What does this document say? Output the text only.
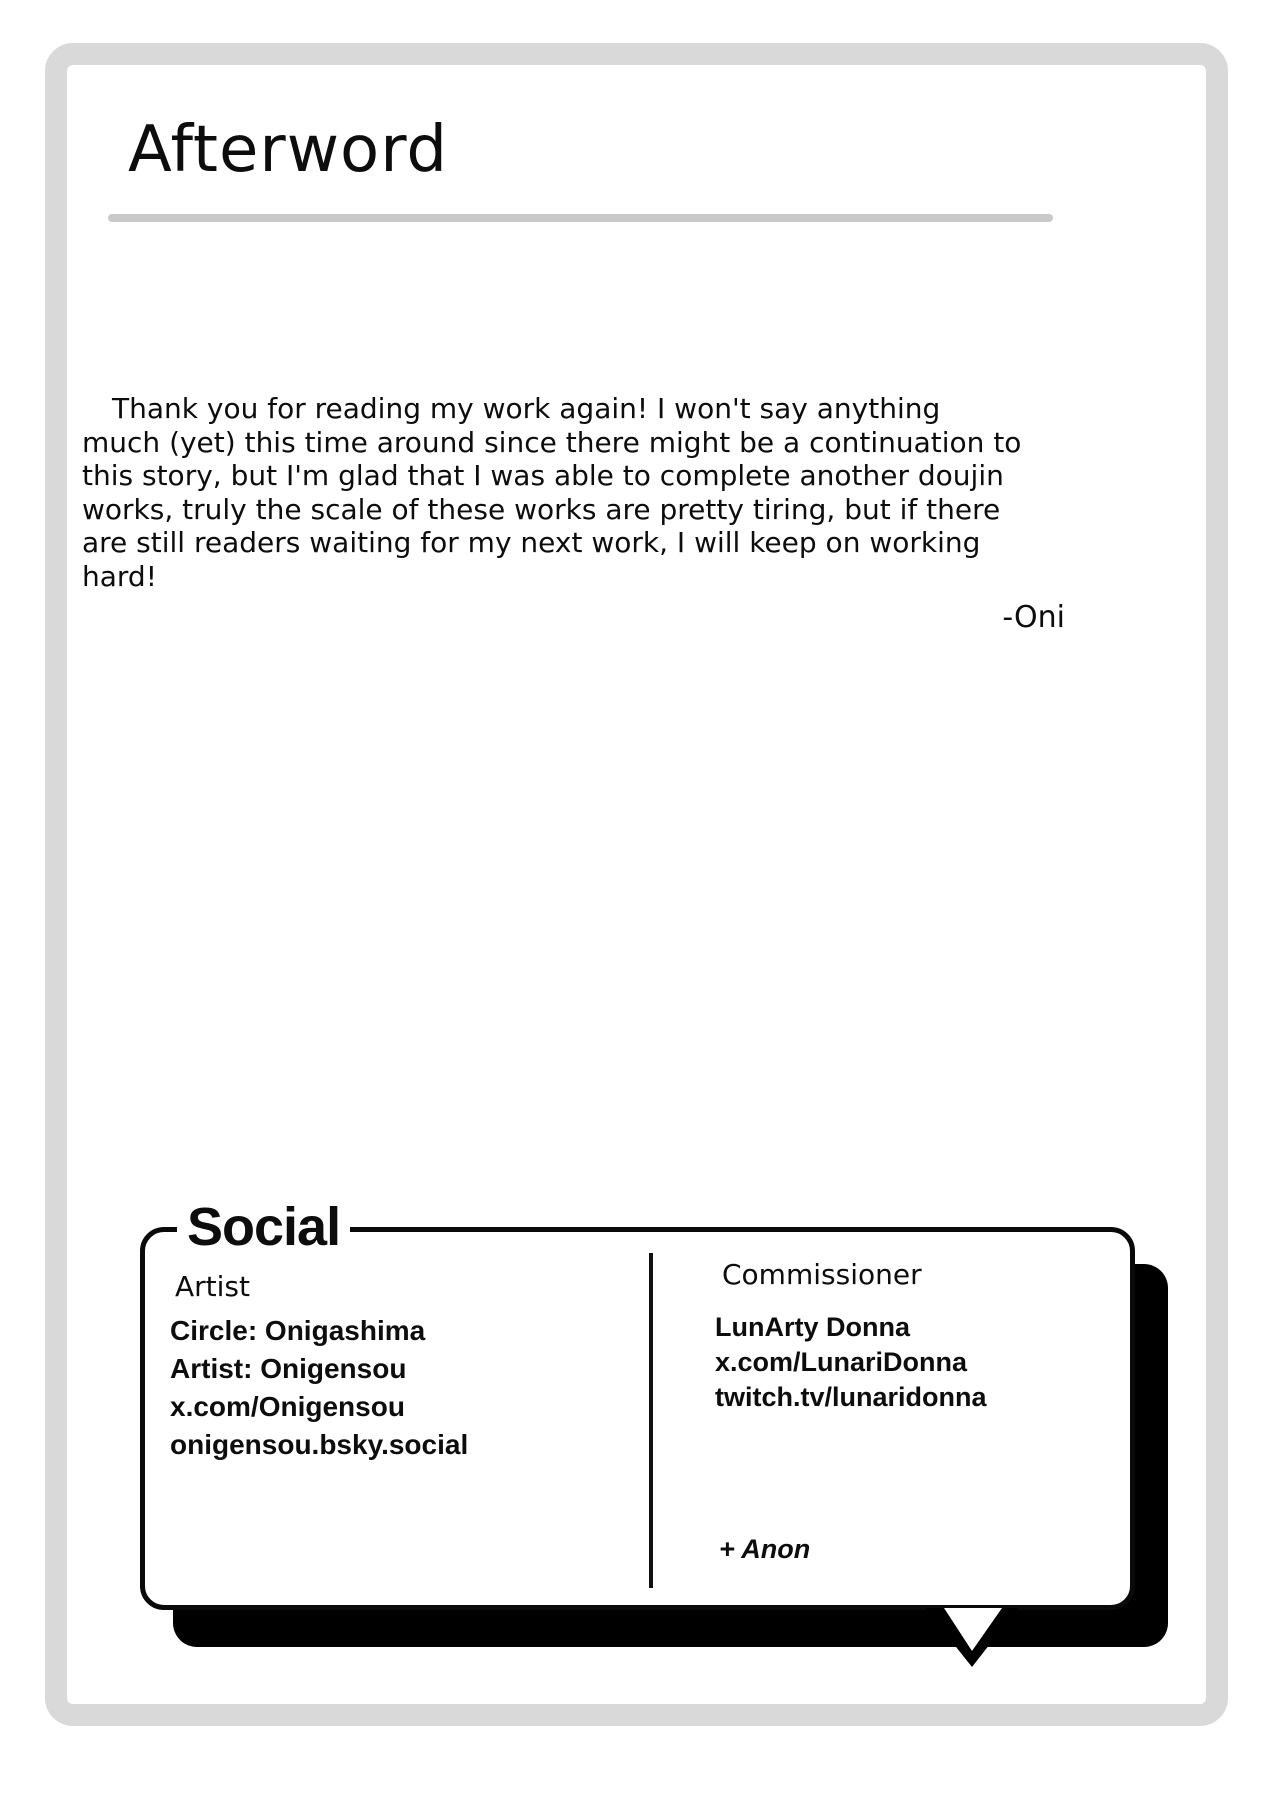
Afterword
Thank you for reading my work again! I won't say anything
much (yet) this time around since there might be a continuation to
this story, but I'm glad that I was able to complete another doujin
works, truly the scale of these works are pretty tiring, but if there
are still readers waiting for my next work, I will keep on working
hard!
-Oni
Social
Artist
Circle: Onigashima
Artist: Onigensou
x.com/Onigensou
onigensou.bsky.social
Commissioner
LunArty Donna
x.com/LunariDonna
twitch.tv/lunaridonna
+ Anon
